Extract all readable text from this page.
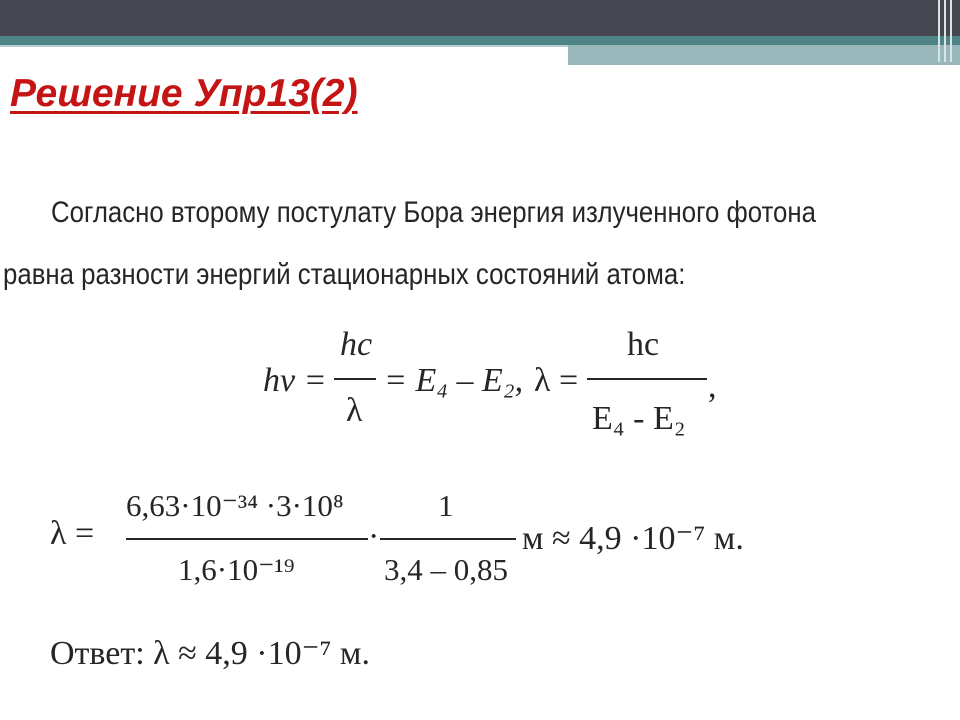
Решение Упр13(2)
Согласно второму постулату Бора энергия излученного фотона
равна разности энергий стационарных состояний атома:
hv =
hc
λ
= E₄ – E₂, λ =
hc
E₄ - E₂
,
λ =
6,63·10⁻³⁴ ·3·10⁸
1,6·10⁻¹⁹
·
1
3,4 – 0,85
м ≈ 4,9 ·10⁻⁷ м.
Ответ: λ ≈ 4,9 ·10⁻⁷ м.
